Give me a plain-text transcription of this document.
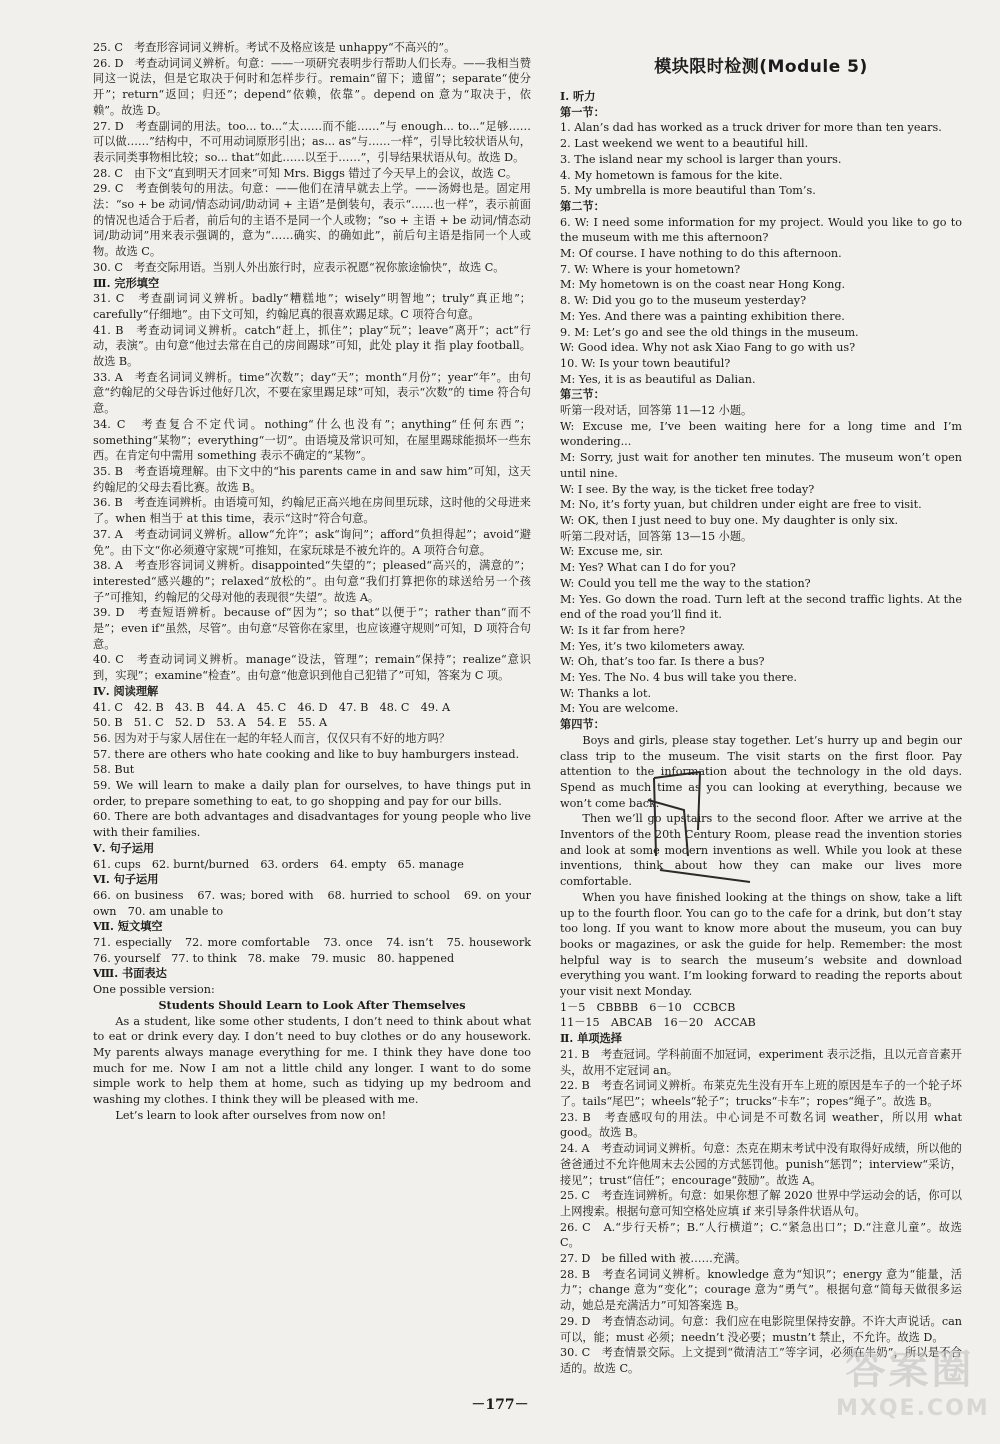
25. C　考查形容词词义辨析。考试不及格应该是 unhappy“不高兴的”。

26. D　考查动词词义辨析。句意：——一项研究表明步行帮助人们长寿。——我相当赞同这一说法，但是它取决于何时和怎样步行。remain“留下；遗留”；separate“使分开”；return“返回；归还”；depend“依赖，依靠”。depend on 意为“取决于，依赖”。故选 D。

27. D　考查副词的用法。too... to...“太……而不能……”与 enough... to...“足够……可以做……”结构中，不可用动词原形引出；as... as“与……一样”，引导比较状语从句，表示同类事物相比较；so... that“如此……以至于……”，引导结果状语从句。故选 D。

28. C　由下文“直到明天才回来”可知 Mrs. Biggs 错过了今天早上的会议，故选 C。

29. C　考查倒装句的用法。句意：——他们在清早就去上学。——汤姆也是。固定用法：“so + be 动词/情态动词/助动词 + 主语”是倒装句，表示“……也一样”，表示前面的情况也适合于后者，前后句的主语不是同一个人或物；“so + 主语 + be 动词/情态动词/助动词”用来表示强调的，意为“……确实、的确如此”，前后句主语是指同一个人或物。故选 C。

30. C　考查交际用语。当别人外出旅行时，应表示祝愿“祝你旅途愉快”，故选 C。

Ⅲ. 完形填空

31. C　考查副词词义辨析。badly“糟糕地”；wisely“明智地”；truly“真正地”；carefully“仔细地”。由下文可知，约翰尼真的很喜欢踢足球。C 项符合句意。

41. B　考查动词词义辨析。catch“赶上，抓住”；play“玩”；leave“离开”；act“行动，表演”。由句意“他过去常在自己的房间踢球”可知，此处 play it 指 play football。故选 B。

33. A　考查名词词义辨析。time“次数”；day“天”；month“月份”；year“年”。由句意“约翰尼的父母告诉过他好几次，不要在家里踢足球”可知，表示“次数”的 time 符合句意。

34. C　考查复合不定代词。nothing“什么也没有”；anything“任何东西”；something“某物”；everything“一切”。由语境及常识可知，在屋里踢球能损坏一些东西。在肯定句中需用 something 表示不确定的“某物”。

35. B　考查语境理解。由下文中的“his parents came in and saw him”可知，这天约翰尼的父母去看比赛。故选 B。

36. B　考查连词辨析。由语境可知，约翰尼正高兴地在房间里玩球，这时他的父母进来了。when 相当于 at this time，表示“这时”符合句意。

37. A　考查动词词义辨析。allow“允许”；ask“询问”；afford“负担得起”；avoid“避免”。由下文“你必须遵守家规”可推知，在家玩球是不被允许的。A 项符合句意。

38. A　考查形容词词义辨析。disappointed“失望的”；pleased“高兴的，满意的”；interested“感兴趣的”；relaxed“放松的”。由句意“我们打算把你的球送给另一个孩子”可推知，约翰尼的父母对他的表现很“失望”。故选 A。

39. D　考查短语辨析。because of“因为”；so that“以便于”；rather than“而不是”；even if“虽然，尽管”。由句意“尽管你在家里，也应该遵守规则”可知，D 项符合句意。

40. C　考查动词词义辨析。manage“设法，管理”；remain“保持”；realize“意识到，实现”；examine“检查”。由句意“他意识到他自己犯错了”可知，答案为 C 项。

Ⅳ. 阅读理解

41. C　42. B　43. B　44. A　45. C　46. D　47. B　48. C　49. A

50. B　51. C　52. D　53. A　54. E　55. A

56. 因为对于与家人居住在一起的年轻人而言，仅仅只有不好的地方吗？

57. there are others who hate cooking and like to buy hamburgers instead.

58. But

59. We will learn to make a daily plan for ourselves, to have things put in order, to prepare something to eat, to go shopping and pay for our bills.

60. There are both advantages and disadvantages for young people who live with their families.

Ⅴ. 句子运用

61. cups　62. burnt/burned　63. orders　64. empty　65. manage

Ⅵ. 句子运用

66. on business　67. was; bored with　68. hurried to school　69. on your own　70. am unable to

Ⅶ. 短文填空

71. especially　72. more comfortable　73. once　74. isn’t　75. housework　76. yourself　77. to think　78. make　79. music　80. happened

Ⅷ. 书面表达

One possible version:

Students Should Learn to Look After Themselves

As a student, like some other students, I don’t need to think about what to eat or drink every day. I don’t need to buy clothes or do any housework. My parents always manage everything for me. I think they have done too much for me. Now I am not a little child any longer. I want to do some simple work to help them at home, such as tidying up my bedroom and washing my clothes. I think they will be pleased with me.

Let’s learn to look after ourselves from now on!

模块限时检测(Module 5)

Ⅰ. 听力

第一节：

1. Alan’s dad has worked as a truck driver for more than ten years.

2. Last weekend we went to a beautiful hill.

3. The island near my school is larger than yours.

4. My hometown is famous for the kite.

5. My umbrella is more beautiful than Tom’s.

第二节：

6. W: I need some information for my project. Would you like to go to the museum with me this afternoon?

M: Of course. I have nothing to do this afternoon.

7. W: Where is your hometown?

M: My hometown is on the coast near Hong Kong.

8. W: Did you go to the museum yesterday?

M: Yes. And there was a painting exhibition there.

9. M: Let’s go and see the old things in the museum.

W: Good idea. Why not ask Xiao Fang to go with us?

10. W: Is your town beautiful?

M: Yes, it is as beautiful as Dalian.

第三节：

听第一段对话，回答第 11—12 小题。

W: Excuse me, I’ve been waiting here for a long time and I’m wondering...

M: Sorry, just wait for another ten minutes. The museum won’t open until nine.

W: I see. By the way, is the ticket free today?

M: No, it’s forty yuan, but children under eight are free to visit.

W: OK, then I just need to buy one. My daughter is only six.

听第二段对话，回答第 13—15 小题。

W: Excuse me, sir.

M: Yes? What can I do for you?

W: Could you tell me the way to the station?

M: Yes. Go down the road. Turn left at the second traffic lights. At the end of the road you’ll find it.

W: Is it far from here?

M: Yes, it’s two kilometers away.

W: Oh, that’s too far. Is there a bus?

M: Yes. The No. 4 bus will take you there.

W: Thanks a lot.

M: You are welcome.

第四节：

Boys and girls, please stay together. Let’s hurry up and begin our class trip to the museum. The visit starts on the first floor. Pay attention to the information about the technology in the old days. Spend as much time as you can looking at everything, because we won’t come back.

Then we’ll go upstairs to the second floor. After we arrive at the Inventors of the 20th Century Room, please read the invention stories and look at some modern inventions as well. While you look at these inventions, think about how they can make our lives more comfortable.

When you have finished looking at the things on show, take a lift up to the fourth floor. You can go to the cafe for a drink, but don’t stay too long. If you want to know more about the museum, you can buy books or magazines, or ask the guide for help. Remember: the most helpful way is to search the museum’s website and download everything you want. I’m looking forward to reading the reports about your visit next Monday.

1－5　CBBBB　6－10　CCBCB

11－15　ABCAB　16－20　ACCAB

Ⅱ. 单项选择

21. B　考查冠词。学科前面不加冠词，experiment 表示泛指，且以元音音素开头，故用不定冠词 an。

22. B　考查名词词义辨析。布莱克先生没有开车上班的原因是车子的一个轮子坏了。tails“尾巴”；wheels“轮子”；trucks“卡车”；ropes“绳子”。故选 B。

23. B　考查感叹句的用法。中心词是不可数名词 weather，所以用 what good。故选 B。

24. A　考查动词词义辨析。句意：杰克在期末考试中没有取得好成绩，所以他的爸爸通过不允许他周末去公园的方式惩罚他。punish“惩罚”；interview“采访，接见”；trust“信任”；encourage“鼓励”。故选 A。

25. C　考查连词辨析。句意：如果你想了解 2020 世界中学运动会的话，你可以上网搜索。根据句意可知空格处应填 if 来引导条件状语从句。

26. C　A.“步行天桥”；B.“人行横道”；C.“紧急出口”；D.“注意儿童”。故选 C。

27. D　be filled with 被……充满。

28. B　考查名词词义辨析。knowledge 意为“知识”；energy 意为“能量，活力”；change 意为“变化”；courage 意为“勇气”。根据句意“简每天做很多运动，她总是充满活力”可知答案选 B。

29. D　考查情态动词。句意：我们应在电影院里保持安静。不许大声说话。can 可以，能；must 必须；needn’t 没必要；mustn’t 禁止，不允许。故选 D。

30. C　考查情景交际。上文提到“微清洁工”等字词，必须在牛奶”，所以是不合适的。故选 C。

－177－
答案圈
MXQE.COM
